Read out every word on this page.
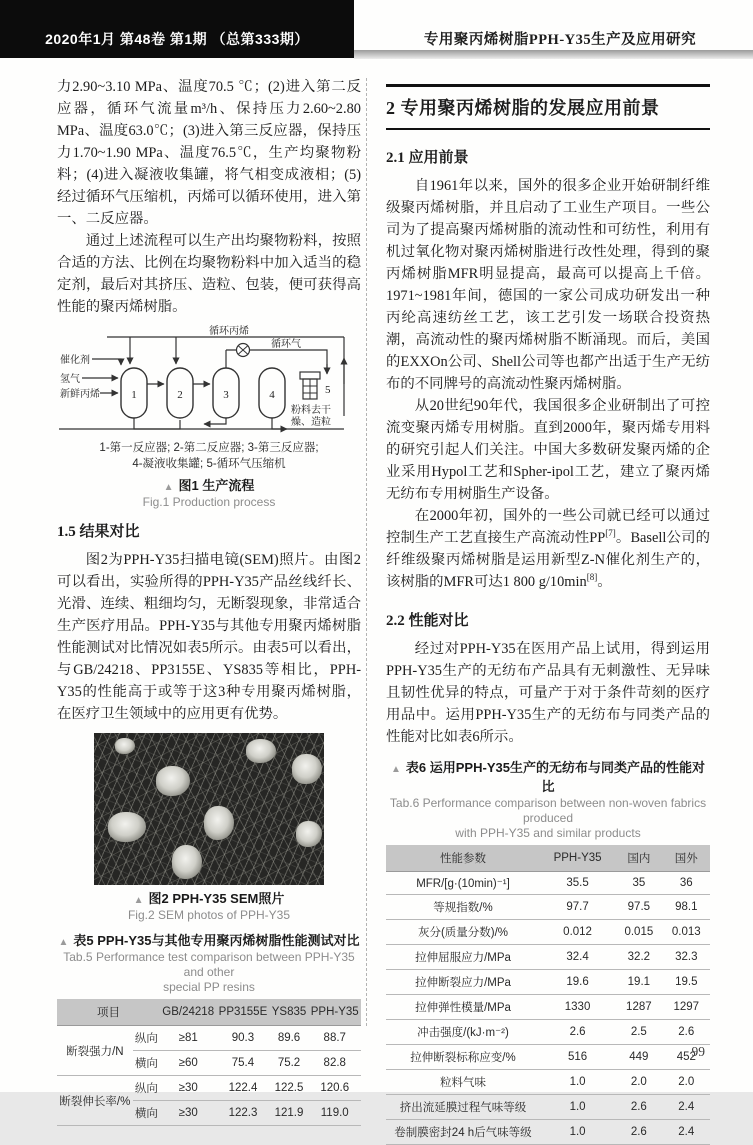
2020年1月 第48卷 第1期 （总第333期）	专用聚丙烯树脂PPH-Y35生产及应用研究

力2.90~3.10 MPa、温度70.5 ℃；(2)进入第二反应器，循环气流量m³/h、保持压力2.60~2.80 MPa、温度63.0℃；(3)进入第三反应器，保持压力1.70~1.90 MPa、温度76.5℃，生产均聚物粉料；(4)进入凝液收集罐，将气相变成液相；(5)经过循环气压缩机，丙烯可以循环使用，进入第一、二反应器。

通过上述流程可以生产出均聚物粉料，按照合适的方法、比例在均聚物粉料中加入适当的稳定剂，最后对其挤压、造粒、包装，便可获得高性能的聚丙烯树脂。

循环丙烯
循环气
催化剂
氢气
新鲜丙烯	1	2	3	4	5
粉料去干
燥、造粒
1-第一反应器; 2-第二反应器; 3-第三反应器;
4-凝液收集罐; 5-循环气压缩机
▲ 图1 生产流程
Fig.1 Production process
1.5 结果对比

图2为PPH-Y35扫描电镜(SEM)照片。由图2可以看出，实验所得的PPH-Y35产品丝线纤长、光滑、连续、粗细均匀，无断裂现象，非常适合生产医疗用品。PPH-Y35与其他专用聚丙烯树脂性能测试对比情况如表5所示。由表5可以看出，与GB/24218、PP3155E、YS835等相比，PPH-Y35的性能高于或等于这3种专用聚丙烯树脂，在医疗卫生领域中的应用更有优势。

▲ 图2 PPH-Y35 SEM照片
Fig.2 SEM photos of PPH-Y35
▲ 表5 PPH-Y35与其他专用聚丙烯树脂性能测试对比
Tab.5 Performance test comparison between PPH-Y35 and other
special PP resins
项目		GB/24218	PP3155E	YS835	PPH-Y35
断裂强力/N	纵向	≥81	90.3	89.6	88.7
	横向	≥60	75.4	75.2	82.8
断裂伸长率/%	纵向	≥30	122.4	122.5	120.6
	横向	≥30	122.3	121.9	119.0
2 专用聚丙烯树脂的发展应用前景
2.1 应用前景

自1961年以来，国外的很多企业开始研制纤维级聚丙烯树脂，并且启动了工业生产项目。一些公司为了提高聚丙烯树脂的流动性和可纺性，利用有机过氧化物对聚丙烯树脂进行改性处理，得到的聚丙烯树脂MFR明显提高，最高可以提高上千倍。1971~1981年间，德国的一家公司成功研发出一种丙纶高速纺丝工艺，该工艺引发一场联合投资热潮，高流动性的聚丙烯树脂不断涌现。而后，美国的EXXOn公司、Shell公司等也都产出适于生产无纺布的不同牌号的高流动性聚丙烯树脂。

从20世纪90年代，我国很多企业研制出了可控流变聚丙烯专用树脂。直到2000年，聚丙烯专用料的研究引起人们关注。中国大多数研发聚丙烯的企业采用Hypol工艺和Spher-ipol工艺，建立了聚丙烯无纺布专用树脂生产设备。

在2000年初，国外的一些公司就已经可以通过控制生产工艺直接生产高流动性PP[7]。Basell公司的纤维级聚丙烯树脂是运用新型Z-N催化剂生产的，该树脂的MFR可达1 800 g/10min[8]。

2.2 性能对比

经过对PPH-Y35在医用产品上试用，得到运用PPH-Y35生产的无纺布产品具有无刺激性、无异味且韧性优异的特点，可量产于对于条件苛刻的医疗用品中。运用PPH-Y35生产的无纺布与同类产品的性能对比如表6所示。

▲ 表6 运用PPH-Y35生产的无纺布与同类产品的性能对比
Tab.6 Performance comparison between non-woven fabrics produced
with PPH-Y35 and similar products
性能参数	PPH-Y35	国内	国外
MFR/[g·(10min)⁻¹]	35.5	35	36
等规指数/%	97.7	97.5	98.1
灰分(质量分数)/%	0.012	0.015	0.013
拉伸屈服应力/MPa	32.4	32.2	32.3
拉伸断裂应力/MPa	19.6	19.1	19.5
拉伸弹性模量/MPa	1330	1287	1297
冲击强度/(kJ·m⁻²)	2.6	2.5	2.6
拉伸断裂标称应变/%	516	449	452
粒料气味	1.0	2.0	2.0
挤出流延膜过程气味等级	1.0	2.6	2.4
卷制膜密封24 h后气味等级	1.0	2.6	2.4
99
